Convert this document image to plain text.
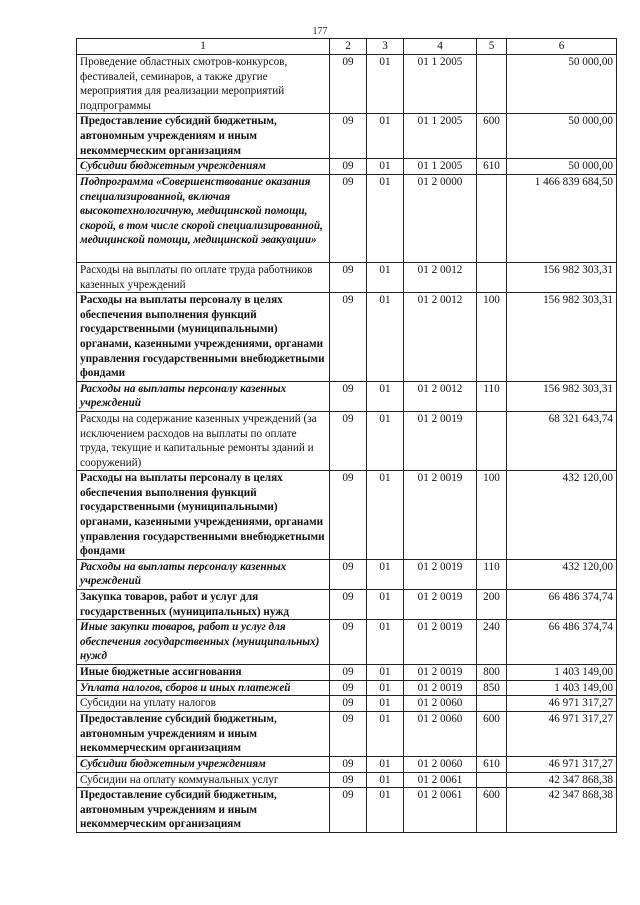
177
1	2	3	4	5	6
Проведение областных смотров-конкурсов, фестивалей, семинаров, а также другие мероприятия для реализации мероприятий подпрограммы	09	01	01 1 2005		50 000,00
Предоставление субсидий бюджетным, автономным учреждениям и иным некоммерческим организациям	09	01	01 1 2005	600	50 000,00
Субсидии бюджетным учреждениям	09	01	01 1 2005	610	50 000,00
Подпрограмма «Совершенствование оказания специализированной, включая высокотехнологичную, медицинской помощи, скорой, в том числе скорой специализированной, медицинской помощи, медицинской эвакуации»	09	01	01 2 0000		1 466 839 684,50
Расходы на выплаты по оплате труда работников казенных учреждений	09	01	01 2 0012		156 982 303,31
Расходы на выплаты персоналу в целях обеспечения выполнения функций государственными (муниципальными) органами, казенными учреждениями, органами управления государственными внебюджетными фондами	09	01	01 2 0012	100	156 982 303,31
Расходы на выплаты персоналу казенных учреждений	09	01	01 2 0012	110	156 982 303,31
Расходы на содержание казенных учреждений (за исключением расходов на выплаты по оплате труда, текущие и капитальные ремонты зданий и сооружений)	09	01	01 2 0019		68 321 643,74
Расходы на выплаты персоналу в целях обеспечения выполнения функций государственными (муниципальными) органами, казенными учреждениями, органами управления государственными внебюджетными фондами	09	01	01 2 0019	100	432 120,00
Расходы на выплаты персоналу казенных учреждений	09	01	01 2 0019	110	432 120,00
Закупка товаров, работ и услуг для государственных (муниципальных) нужд	09	01	01 2 0019	200	66 486 374,74
Иные закупки товаров, работ и услуг для обеспечения государственных (муниципальных) нужд	09	01	01 2 0019	240	66 486 374,74
Иные бюджетные ассигнования	09	01	01 2 0019	800	1 403 149,00
Уплата налогов, сборов и иных платежей	09	01	01 2 0019	850	1 403 149,00
Субсидии на уплату налогов	09	01	01 2 0060		46 971 317,27
Предоставление субсидий бюджетным, автономным учреждениям и иным некоммерческим организациям	09	01	01 2 0060	600	46 971 317,27
Субсидии бюджетным учреждениям	09	01	01 2 0060	610	46 971 317,27
Субсидии на оплату коммунальных услуг	09	01	01 2 0061		42 347 868,38
Предоставление субсидий бюджетным, автономным учреждениям и иным некоммерческим организациям	09	01	01 2 0061	600	42 347 868,38
